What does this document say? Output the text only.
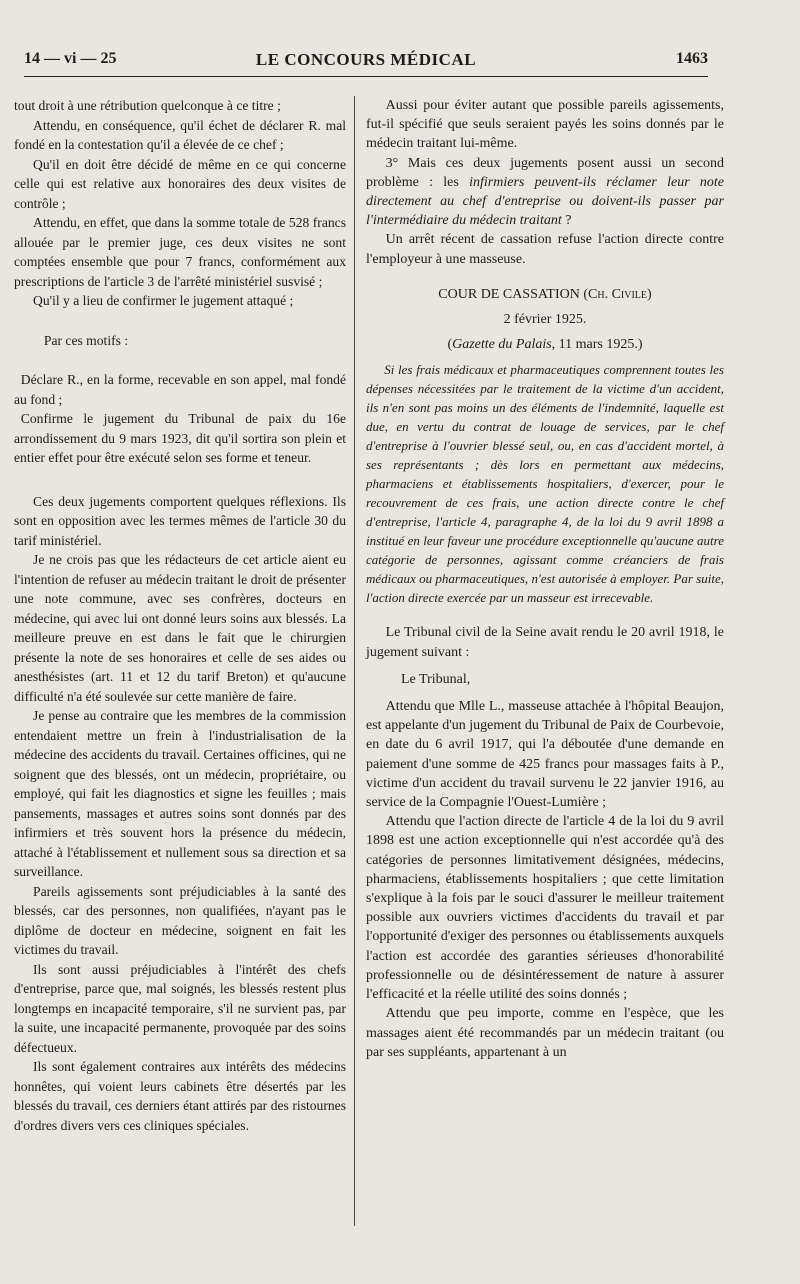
14 — vi — 25	LE CONCOURS MÉDICAL	1463

tout droit à une rétribution quelconque à ce titre ;

Attendu, en conséquence, qu'il échet de déclarer R. mal fondé en la contestation qu'il a élevée de ce chef ;

Qu'il en doit être décidé de même en ce qui concerne celle qui est relative aux honoraires des deux visites de contrôle ;

Attendu, en effet, que dans la somme totale de 528 francs allouée par le premier juge, ces deux visites ne sont comptées ensemble que pour 7 francs, conformément aux prescriptions de l'article 3 de l'arrêté ministériel susvisé ;

Qu'il y a lieu de confirmer le jugement attaqué ;

Par ces motifs :

Déclare R., en la forme, recevable en son appel, mal fondé au fond ;

Confirme le jugement du Tribunal de paix du 16e arrondissement du 9 mars 1923, dit qu'il sortira son plein et entier effet pour être exécuté selon ses forme et teneur.

Ces deux jugements comportent quelques réflexions. Ils sont en opposition avec les termes mêmes de l'article 30 du tarif ministériel.

Je ne crois pas que les rédacteurs de cet article aient eu l'intention de refuser au médecin traitant le droit de présenter une note commune, avec ses confrères, docteurs en médecine, qui avec lui ont donné leurs soins aux blessés. La meilleure preuve en est dans le fait que le chirurgien présente la note de ses honoraires et celle de ses aides ou anesthésistes (art. 11 et 12 du tarif Breton) et qu'aucune difficulté n'a été soulevée sur cette manière de faire.

Je pense au contraire que les membres de la commission entendaient mettre un frein à l'industrialisation de la médecine des accidents du travail. Certaines officines, qui ne soignent que des blessés, ont un médecin, propriétaire, ou employé, qui fait les diagnostics et signe les feuilles ; mais pansements, massages et autres soins sont donnés par des infirmiers et très souvent hors la présence du médecin, attaché à l'établissement et nullement sous sa direction et sa surveillance.

Pareils agissements sont préjudiciables à la santé des blessés, car des personnes, non qualifiées, n'ayant pas le diplôme de docteur en médecine, soignent en fait les victimes du travail.

Ils sont aussi préjudiciables à l'intérêt des chefs d'entreprise, parce que, mal soignés, les blessés restent plus longtemps en incapacité temporaire, s'il ne survient pas, par la suite, une incapacité permanente, provoquée par des soins défectueux.

Ils sont également contraires aux intérêts des médecins honnêtes, qui voient leurs cabinets être désertés par les blessés du travail, ces derniers étant attirés par des ristournes d'ordres divers vers ces cliniques spéciales.

Aussi pour éviter autant que possible pareils agissements, fut-il spécifié que seuls seraient payés les soins donnés par le médecin traitant lui-même.

3° Mais ces deux jugements posent aussi un second problème : les infirmiers peuvent-ils réclamer leur note directement au chef d'entreprise ou doivent-ils passer par l'intermédiaire du médecin traitant ?

Un arrêt récent de cassation refuse l'action directe contre l'employeur à une masseuse.

COUR DE CASSATION (Ch. Civile)

2 février 1925.

(Gazette du Palais, 11 mars 1925.)

Si les frais médicaux et pharmaceutiques comprennent toutes les dépenses nécessitées par le traitement de la victime d'un accident, ils n'en sont pas moins un des éléments de l'indemnité, laquelle est due, en vertu du contrat de louage de services, par le chef d'entreprise à l'ouvrier blessé seul, ou, en cas d'accident mortel, à ses représentants ; dès lors en permettant aux médecins, pharmaciens et établissements hospitaliers, d'exercer, pour le recouvrement de ces frais, une action directe contre le chef d'entreprise, l'article 4, paragraphe 4, de la loi du 9 avril 1898 a institué en leur faveur une procédure exceptionnelle qu'aucune autre catégorie de personnes, agissant comme créanciers de frais médicaux ou pharmaceutiques, n'est autorisée à employer. Par suite, l'action directe exercée par un masseur est irrecevable.

Le Tribunal civil de la Seine avait rendu le 20 avril 1918, le jugement suivant :

Le Tribunal,

Attendu que Mlle L., masseuse attachée à l'hôpital Beaujon, est appelante d'un jugement du Tribunal de Paix de Courbevoie, en date du 6 avril 1917, qui l'a déboutée d'une demande en paiement d'une somme de 425 francs pour massages faits à P., victime d'un accident du travail survenu le 22 janvier 1916, au service de la Compagnie l'Ouest-Lumière ;

Attendu que l'action directe de l'article 4 de la loi du 9 avril 1898 est une action exceptionnelle qui n'est accordée qu'à des catégories de personnes limitativement désignées, médecins, pharmaciens, établissements hospitaliers ; que cette limitation s'explique à la fois par le souci d'assurer le meilleur traitement possible aux ouvriers victimes d'accidents du travail et par l'opportunité d'exiger des personnes ou établissements auxquels l'action est accordée des garanties sérieuses d'honorabilité professionnelle ou de désintéressement de nature à assurer l'efficacité et la réelle utilité des soins donnés ;

Attendu que peu importe, comme en l'espèce, que les massages aient été recommandés par un médecin traitant (ou par ses suppléants, appartenant à un
